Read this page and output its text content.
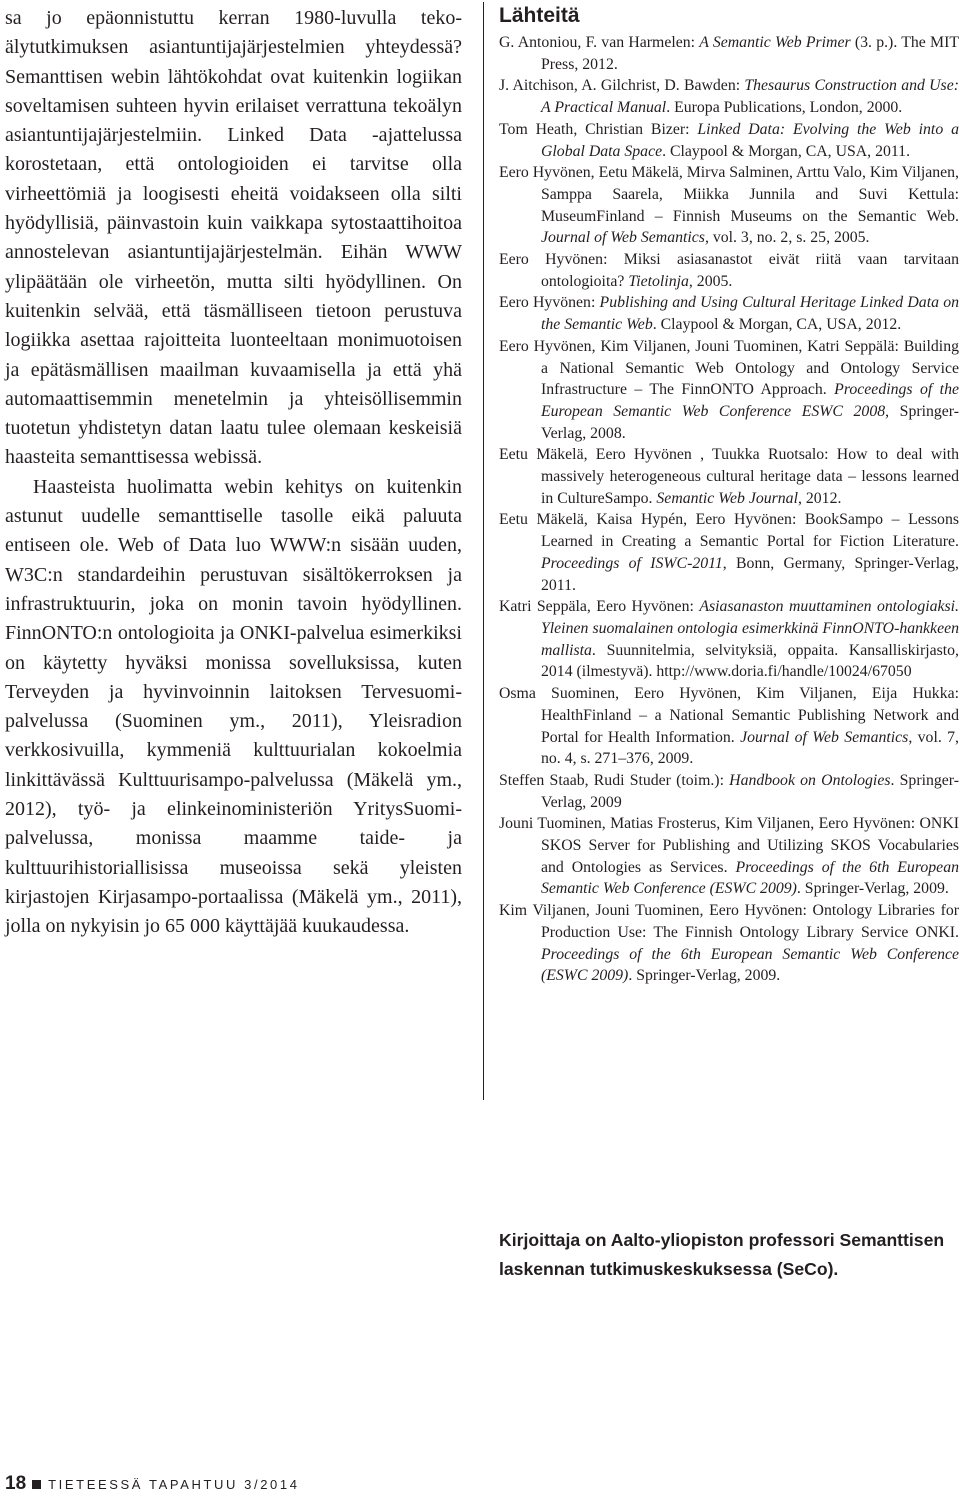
sa jo epäonnistuttu kerran 1980-luvulla tekoälytutkimuksen asiantuntijajärjestelmien yhteydessä? Semanttisen webin lähtökohdat ovat kuitenkin logiikan soveltamisen suhteen hyvin erilaiset verrattuna tekoälyn asiantuntijajärjestelmiin. Linked Data -ajattelussa korostetaan, että ontologioiden ei tarvitse olla virheettömiä ja loogisesti eheitä voidakseen olla silti hyödyllisiä, päinvastoin kuin vaikkapa sytostaattihoitoa annostelevan asiantuntijajärjestelmän. Eihän WWW ylipäätään ole virheetön, mutta silti hyödyllinen. On kuitenkin selvää, että täsmälliseen tietoon perustuva logiikka asettaa rajoitteita luonteeltaan monimuotoisen ja epätäsmällisen maailman kuvaamisella ja että yhä automaattisemmin menetelmin ja yhteisöllisemmin tuotetun yhdistetyn datan laatu tulee olemaan keskeisiä haasteita semanttisessa webissä.

Haasteista huolimatta webin kehitys on kuitenkin astunut uudelle semanttiselle tasolle eikä paluuta entiseen ole. Web of Data luo WWW:n sisään uuden, W3C:n standardeihin perustuvan sisältökerroksen ja infrastruktuurin, joka on monin tavoin hyödyllinen. FinnONTO:n ontologioita ja ONKI-palvelua esimerkiksi on käytetty hyväksi monissa sovelluksissa, kuten Terveyden ja hyvinvoinnin laitoksen Tervesuomi-palvelussa (Suominen ym., 2011), Yleisradion verkkosivuilla, kymmeniä kulttuurialan kokoelmia linkittävässä Kulttuurisampo-palvelussa (Mäkelä ym., 2012), työ- ja elinkeinoministeriön YritysSuomi-palvelussa, monissa maamme taide- ja kulttuurihistoriallisissa museoissa sekä yleisten kirjastojen Kirjasampo-portaalissa (Mäkelä ym., 2011), jolla on nykyisin jo 65 000 käyttäjää kuukaudessa.

Lähteitä

G. Antoniou, F. van Harmelen: A Semantic Web Primer (3. p.). The MIT Press, 2012.

J. Aitchison, A. Gilchrist, D. Bawden: Thesaurus Construction and Use: A Practical Manual. Europa Publications, London, 2000.

Tom Heath, Christian Bizer: Linked Data: Evolving the Web into a Global Data Space. Claypool & Morgan, CA, USA, 2011.

Eero Hyvönen, Eetu Mäkelä, Mirva Salminen, Arttu Valo, Kim Viljanen, Samppa Saarela, Miikka Junnila and Suvi Kettula: MuseumFinland – Finnish Museums on the Semantic Web. Journal of Web Semantics, vol. 3, no. 2, s. 25, 2005.

Eero Hyvönen: Miksi asiasanastot eivät riitä vaan tarvitaan ontologioita? Tietolinja, 2005.

Eero Hyvönen: Publishing and Using Cultural Heritage Linked Data on the Semantic Web. Claypool & Morgan, CA, USA, 2012.

Eero Hyvönen, Kim Viljanen, Jouni Tuominen, Katri Seppälä: Building a National Semantic Web Ontology and Ontology Service Infrastructure – The FinnONTO Approach. Proceedings of the European Semantic Web Conference ESWC 2008, Springer-Verlag, 2008.

Eetu Mäkelä, Eero Hyvönen , Tuukka Ruotsalo: How to deal with massively heterogeneous cultural heritage data – lessons learned in CultureSampo. Semantic Web Journal, 2012.

Eetu Mäkelä, Kaisa Hypén, Eero Hyvönen: BookSampo – Lessons Learned in Creating a Semantic Portal for Fiction Literature. Proceedings of ISWC-2011, Bonn, Germany, Springer-Verlag, 2011.

Katri Seppäla, Eero Hyvönen: Asiasanaston muuttaminen ontologiaksi. Yleinen suomalainen ontologia esimerkkinä FinnONTO-hankkeen mallista. Suunnitelmia, selvityksiä, oppaita. Kansalliskirjasto, 2014 (ilmestyvä). http://www.doria.fi/handle/10024/67050

Osma Suominen, Eero Hyvönen, Kim Viljanen, Eija Hukka: HealthFinland – a National Semantic Publishing Network and Portal for Health Information. Journal of Web Semantics, vol. 7, no. 4, s. 271–376, 2009.

Steffen Staab, Rudi Studer (toim.): Handbook on Ontologies. Springer-Verlag, 2009

Jouni Tuominen, Matias Frosterus, Kim Viljanen, Eero Hyvönen: ONKI SKOS Server for Publishing and Utilizing SKOS Vocabularies and Ontologies as Services. Proceedings of the 6th European Semantic Web Conference (ESWC 2009). Springer-Verlag, 2009.

Kim Viljanen, Jouni Tuominen, Eero Hyvönen: Ontology Libraries for Production Use: The Finnish Ontology Library Service ONKI. Proceedings of the 6th European Semantic Web Conference (ESWC 2009). Springer-Verlag, 2009.

Kirjoittaja on Aalto-yliopiston professori Semanttisen laskennan tutkimuskeskuksessa (SeCo).

18 TIETEESSÄ TAPAHTUU 3/2014
